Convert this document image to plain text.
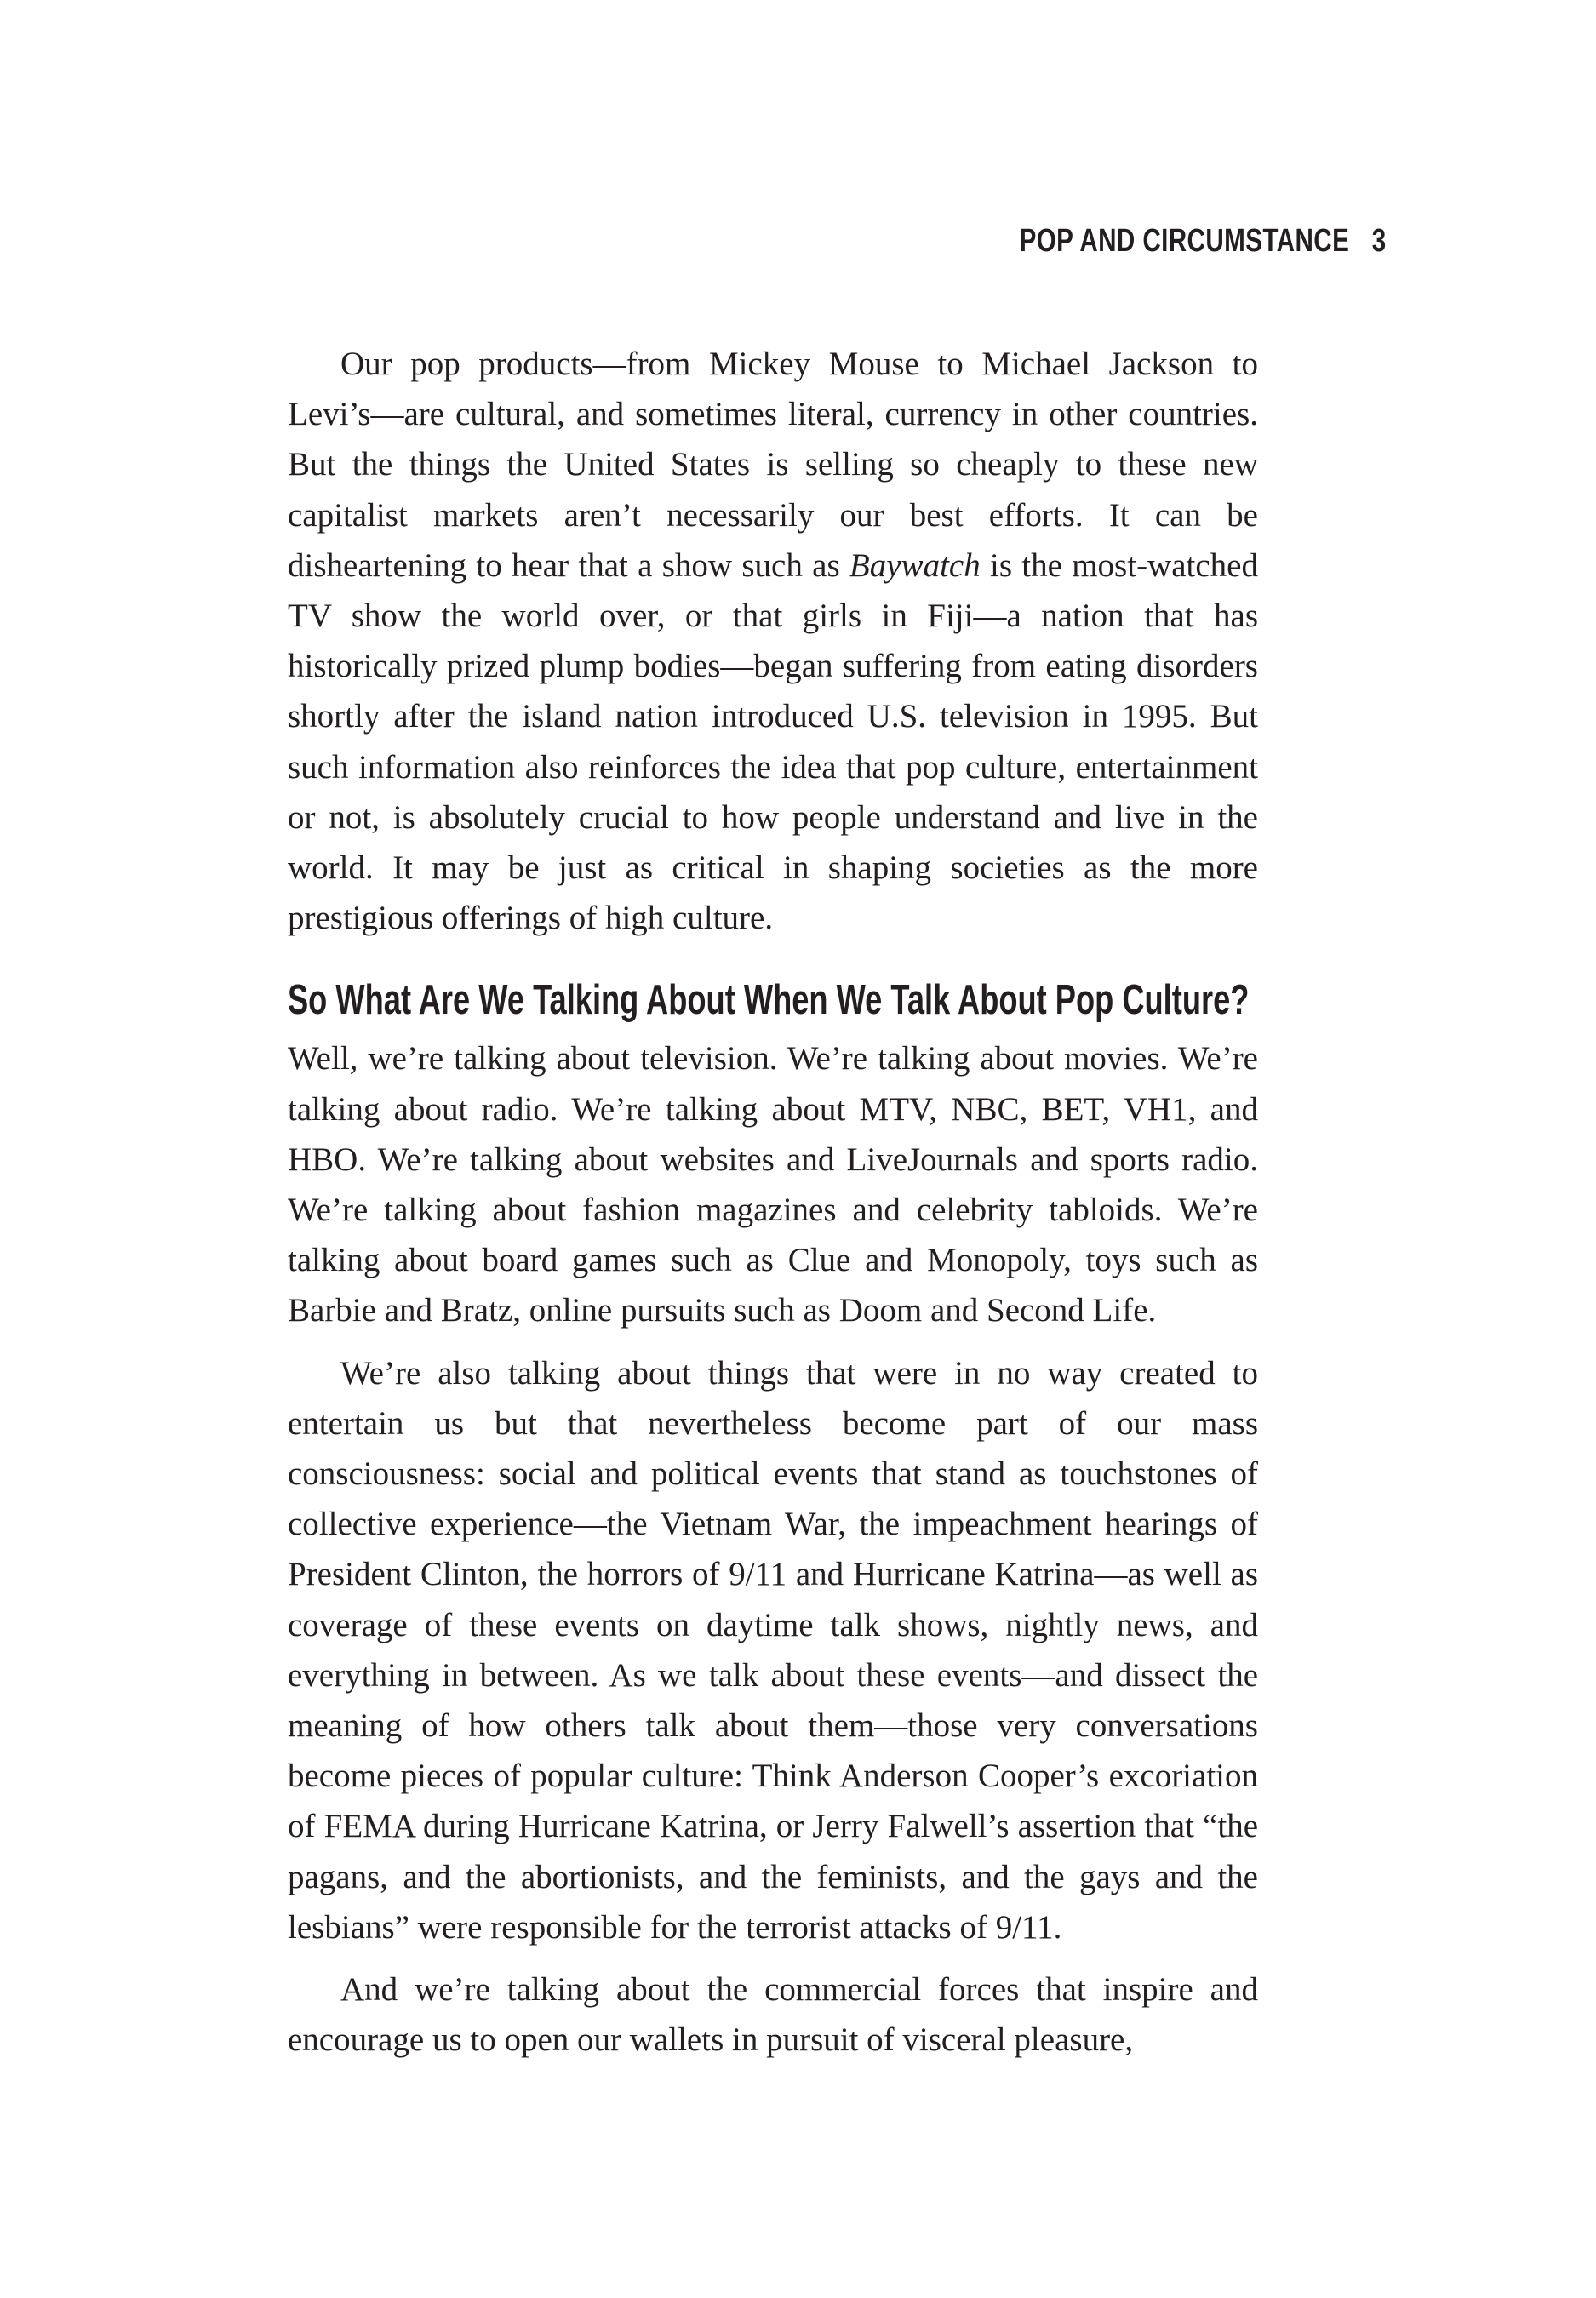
POP AND CIRCUMSTANCE 3

Our pop products—from Mickey Mouse to Michael Jackson to Levi’s—are cultural, and sometimes literal, currency in other countries. But the things the United States is selling so cheaply to these new capitalist markets aren’t necessarily our best efforts. It can be disheartening to hear that a show such as Baywatch is the most-watched TV show the world over, or that girls in Fiji—a nation that has historically prized plump bodies—began suffering from eating disorders shortly after the island nation introduced U.S. television in 1995. But such information also reinforces the idea that pop culture, entertainment or not, is absolutely crucial to how people understand and live in the world. It may be just as critical in shaping societies as the more prestigious offerings of high culture.

So What Are We Talking About When We Talk About Pop Culture?

Well, we’re talking about television. We’re talking about movies. We’re talking about radio. We’re talking about MTV, NBC, BET, VH1, and HBO. We’re talking about websites and LiveJournals and sports radio. We’re talking about fashion magazines and celebrity tabloids. We’re talking about board games such as Clue and Monopoly, toys such as Barbie and Bratz, online pursuits such as Doom and Second Life.

We’re also talking about things that were in no way created to entertain us but that nevertheless become part of our mass consciousness: social and political events that stand as touchstones of collective experience—the Vietnam War, the impeachment hearings of President Clinton, the horrors of 9/11 and Hurricane Katrina—as well as coverage of these events on daytime talk shows, nightly news, and everything in between. As we talk about these events—and dissect the meaning of how others talk about them—those very conversations become pieces of popular culture: Think Anderson Cooper’s excoriation of FEMA during Hurricane Katrina, or Jerry Falwell’s assertion that “the pagans, and the abortionists, and the feminists, and the gays and the lesbians” were responsible for the terrorist attacks of 9/11.

And we’re talking about the commercial forces that inspire and encourage us to open our wallets in pursuit of visceral pleasure,
